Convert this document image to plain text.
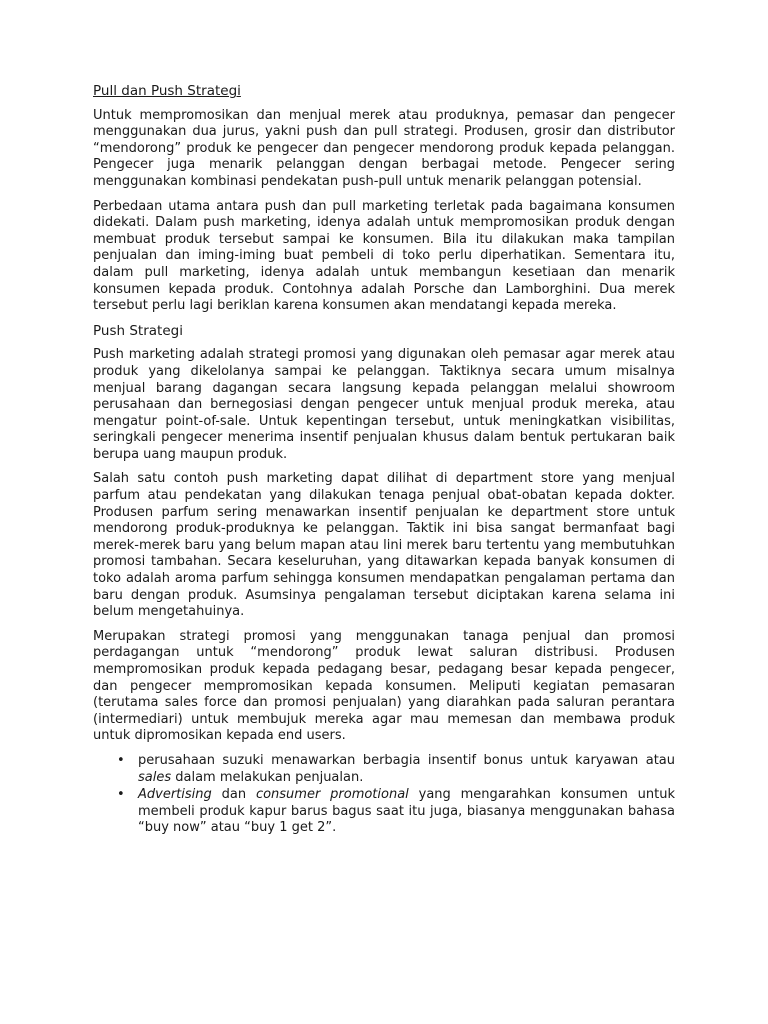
Pull dan Push Strategi

Untuk mempromosikan dan menjual merek atau produknya, pemasar dan pengecer menggunakan dua jurus, yakni push dan pull strategi. Produsen, grosir dan distributor “mendorong” produk ke pengecer dan pengecer mendorong produk kepada pelanggan. Pengecer juga menarik pelanggan dengan berbagai metode. Pengecer sering menggunakan kombinasi pendekatan push-pull untuk menarik pelanggan potensial.

Perbedaan utama antara push dan pull marketing terletak pada bagaimana konsumen didekati. Dalam push marketing, idenya adalah untuk mempromosikan produk dengan membuat produk tersebut sampai ke konsumen. Bila itu dilakukan maka tampilan penjualan dan iming-iming buat pembeli di toko perlu diperhatikan. Sementara itu, dalam pull marketing, idenya adalah untuk membangun kesetiaan dan menarik konsumen kepada produk. Contohnya adalah Porsche dan Lamborghini. Dua merek tersebut perlu lagi beriklan karena konsumen akan mendatangi kepada mereka.

Push Strategi

Push marketing adalah strategi promosi yang digunakan oleh pemasar agar merek atau produk yang dikelolanya sampai ke pelanggan. Taktiknya secara umum misalnya menjual barang dagangan secara langsung kepada pelanggan melalui showroom perusahaan dan bernegosiasi dengan pengecer untuk menjual produk mereka, atau mengatur point-of-sale. Untuk kepentingan tersebut, untuk meningkatkan visibilitas, seringkali pengecer menerima insentif penjualan khusus dalam bentuk pertukaran baik berupa uang maupun produk.

Salah satu contoh push marketing dapat dilihat di department store yang menjual parfum atau pendekatan yang dilakukan tenaga penjual obat-obatan kepada dokter. Produsen parfum sering menawarkan insentif penjualan ke department store untuk mendorong produk-produknya ke pelanggan. Taktik ini bisa sangat bermanfaat bagi merek-merek baru yang belum mapan atau lini merek baru tertentu yang membutuhkan promosi tambahan. Secara keseluruhan, yang ditawarkan kepada banyak konsumen di toko adalah aroma parfum sehingga konsumen mendapatkan pengalaman pertama dan baru dengan produk. Asumsinya pengalaman tersebut diciptakan karena selama ini belum mengetahuinya.

Merupakan strategi promosi yang menggunakan tanaga penjual dan promosi perdagangan untuk “mendorong” produk lewat saluran distribusi. Produsen mempromosikan produk kepada pedagang besar, pedagang besar kepada pengecer, dan pengecer mempromosikan kepada konsumen. Meliputi kegiatan pemasaran (terutama sales force dan promosi penjualan) yang diarahkan pada saluran perantara (intermediari) untuk membujuk mereka agar mau memesan dan membawa produk untuk dipromosikan kepada end users.

• perusahaan suzuki menawarkan berbagia insentif bonus untuk karyawan atau sales dalam melakukan penjualan.
• Advertising dan consumer promotional yang mengarahkan konsumen untuk membeli produk kapur barus bagus saat itu juga, biasanya menggunakan bahasa “buy now” atau “buy 1 get 2”.
